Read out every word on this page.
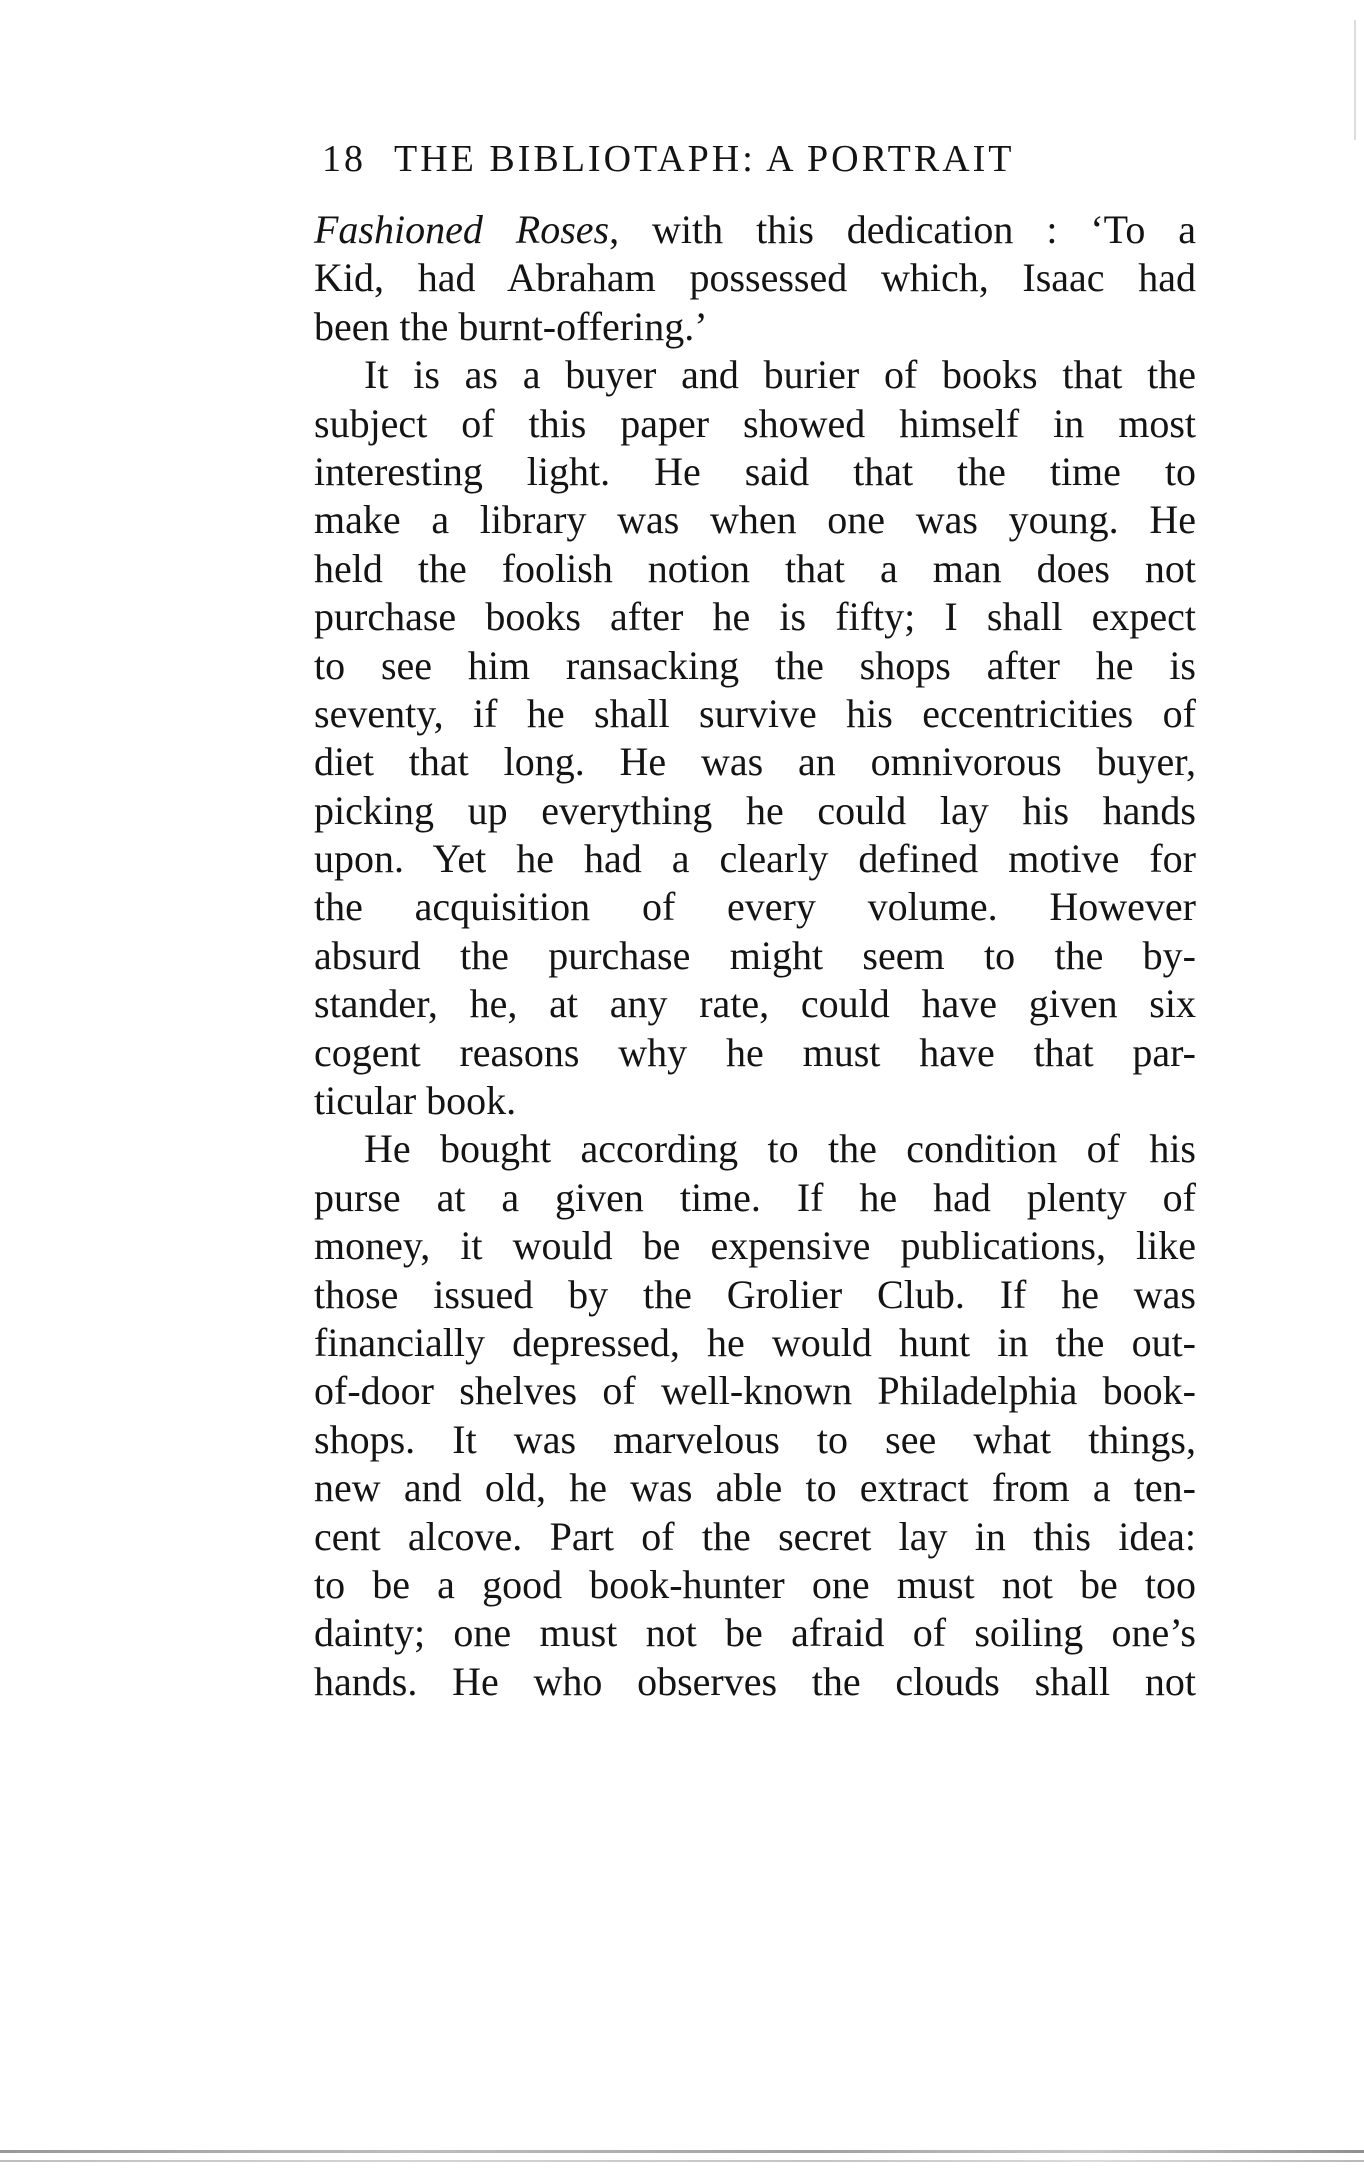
18 THE BIBLIOTAPH: A PORTRAIT
Fashioned Roses, with this dedication : ‘To a
Kid, had Abraham possessed which, Isaac had
been the burnt-offering.’
It is as a buyer and burier of books that the
subject of this paper showed himself in most
interesting light. He said that the time to
make a library was when one was young. He
held the foolish notion that a man does not
purchase books after he is fifty; I shall expect
to see him ransacking the shops after he is
seventy, if he shall survive his eccentricities of
diet that long. He was an omnivorous buyer,
picking up everything he could lay his hands
upon. Yet he had a clearly defined motive for
the acquisition of every volume. However
absurd the purchase might seem to the by-
stander, he, at any rate, could have given six
cogent reasons why he must have that par-
ticular book.
He bought according to the condition of his
purse at a given time. If he had plenty of
money, it would be expensive publications, like
those issued by the Grolier Club. If he was
financially depressed, he would hunt in the out-
of-door shelves of well-known Philadelphia book-
shops. It was marvelous to see what things,
new and old, he was able to extract from a ten-
cent alcove. Part of the secret lay in this idea:
to be a good book-hunter one must not be too
dainty; one must not be afraid of soiling one’s
hands. He who observes the clouds shall not
